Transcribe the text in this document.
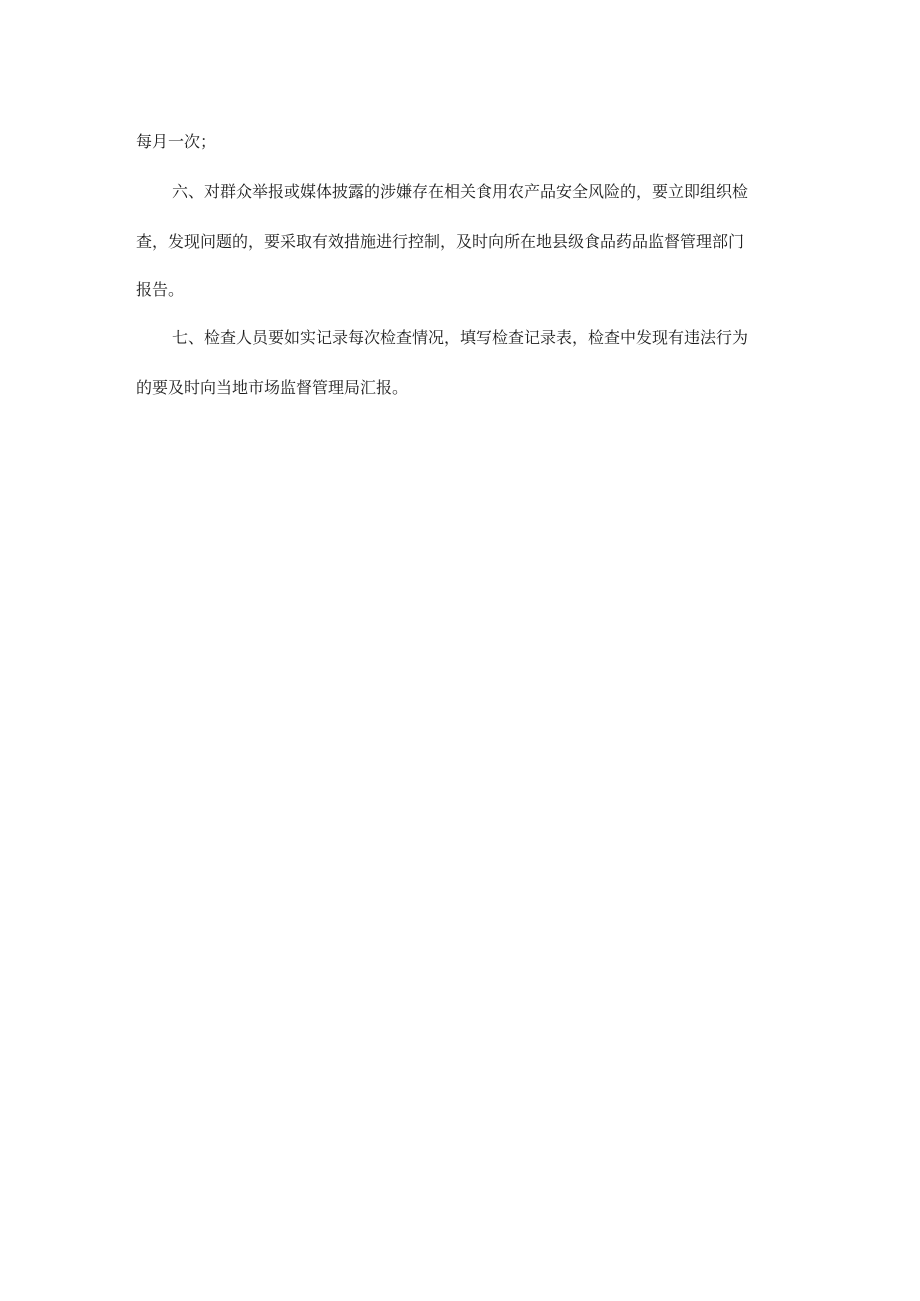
每月一次；

六、对群众举报或媒体披露的涉嫌存在相关食用农产品安全风险的，要立即组织检

查，发现问题的，要采取有效措施进行控制，及时向所在地县级食品药品监督管理部门

报告。

七、检查人员要如实记录每次检查情况，填写检查记录表，检查中发现有违法行为

的要及时向当地市场监督管理局汇报。
